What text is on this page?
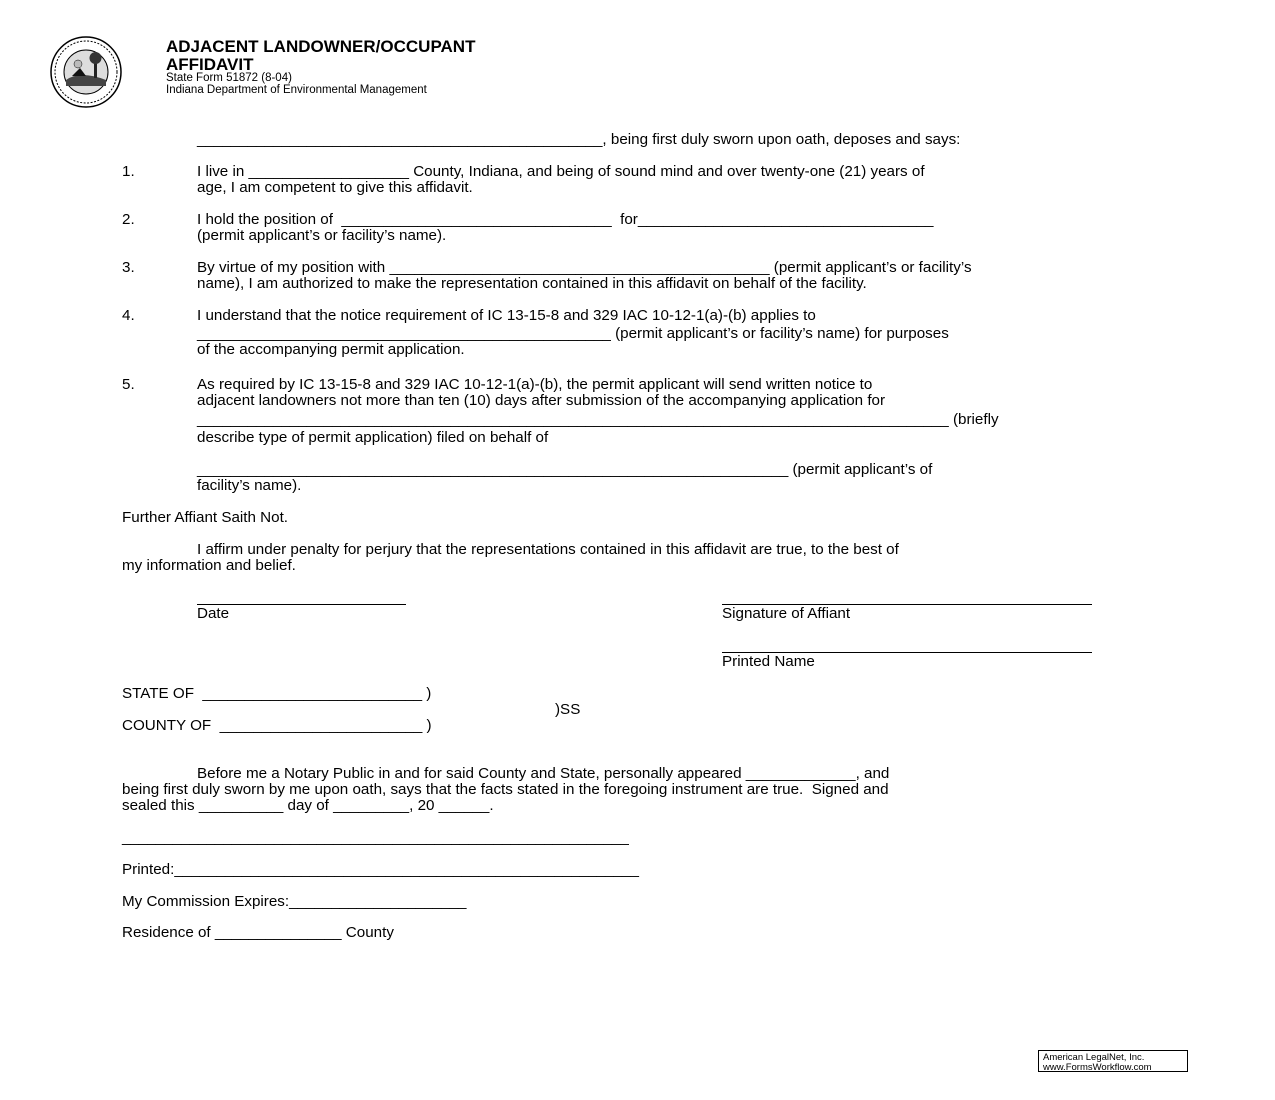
ADJACENT LANDOWNER/OCCUPANT
AFFIDAVIT
State Form 51872 (8-04)
Indiana Department of Environmental Management
________________________________________________, being first duly sworn upon oath, deposes and says:
1.	I live in ___________________ County, Indiana, and being of sound mind and over twenty-one (21) years of
age, I am competent to give this affidavit.
2.	I hold the position of  ________________________________  for___________________________________
(permit applicant’s or facility’s name).
3.	By virtue of my position with _____________________________________________ (permit applicant’s or facility’s
name), I am authorized to make the representation contained in this affidavit on behalf of the facility.
4.	I understand that the notice requirement of IC 13-15-8 and 329 IAC 10-12-1(a)-(b) applies to
_________________________________________________ (permit applicant’s or facility’s name) for purposes
of the accompanying permit application.
5.	As required by IC 13-15-8 and 329 IAC 10-12-1(a)-(b), the permit applicant will send written notice to
adjacent landowners not more than ten (10) days after submission of the accompanying application for
_________________________________________________________________________________________ (briefly
describe type of permit application) filed on behalf of
______________________________________________________________________ (permit applicant’s of
facility’s name).
Further Affiant Saith Not.
I affirm under penalty for perjury that the representations contained in this affidavit are true, to the best of
my information and belief.
Date	Signature of Affiant
Printed Name
STATE OF  __________________________ )
)SS
COUNTY OF  ________________________ )
Before me a Notary Public in and for said County and State, personally appeared _____________, and
being first duly sworn by me upon oath, says that the facts stated in the foregoing instrument are true.  Signed and
sealed this __________ day of _________, 20 ______.
____________________________________________________________
Printed:_______________________________________________________
My Commission Expires:_____________________
Residence of _______________ County
American LegalNet, Inc.
www.FormsWorkflow.com
